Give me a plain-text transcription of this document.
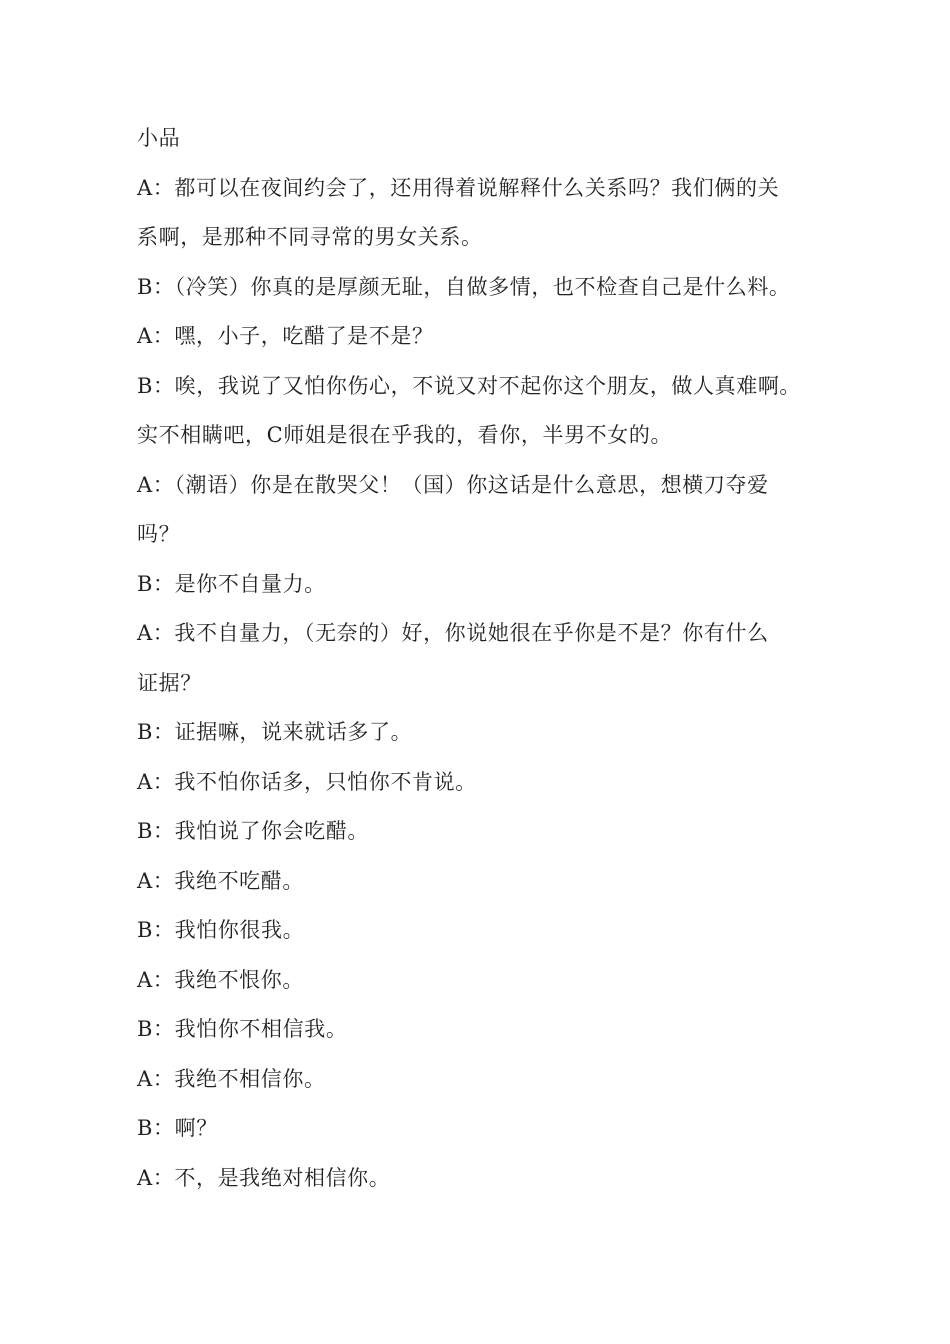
小品

A：都可以在夜间约会了，还用得着说解释什么关系吗？我们俩的关

系啊，是那种不同寻常的男女关系。

B：（冷笑）你真的是厚颜无耻，自做多情，也不检查自己是什么料。

A：嘿，小子，吃醋了是不是？

B：唉，我说了又怕你伤心，不说又对不起你这个朋友，做人真难啊。

实不相瞒吧，C师姐是很在乎我的，看你，半男不女的。

A：（潮语）你是在散哭父！（国）你这话是什么意思，想横刀夺爱

吗？

B：是你不自量力。

A：我不自量力，（无奈的）好，你说她很在乎你是不是？你有什么

证据？

B：证据嘛，说来就话多了。

A：我不怕你话多，只怕你不肯说。

B：我怕说了你会吃醋。

A：我绝不吃醋。

B：我怕你很我。

A：我绝不恨你。

B：我怕你不相信我。

A：我绝不相信你。

B：啊？

A：不，是我绝对相信你。
